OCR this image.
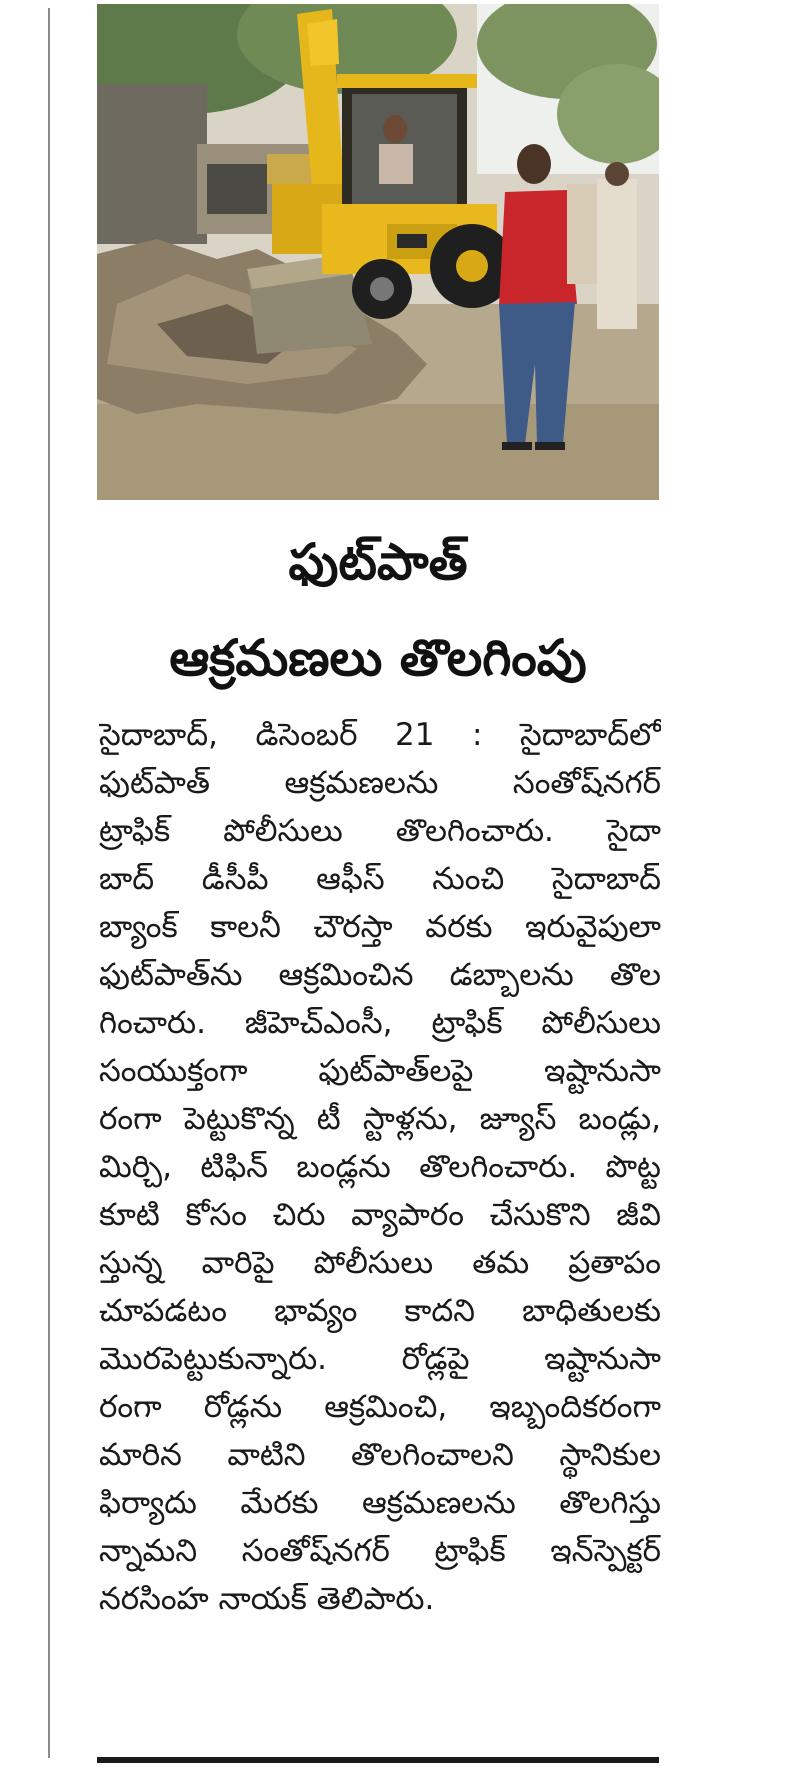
ఫుట్‌పాత్
ఆక్రమణలు తొలగింపు
సైదాబాద్, డిసెంబర్ 21 : సైదాబాద్‌లో
ఫుట్‌పాత్ ఆక్రమణలను సంతోష్‌నగర్
ట్రాఫిక్ పోలీసులు తొలగించారు. సైదా
బాద్ డీసీపీ ఆఫీస్ నుంచి సైదాబాద్
బ్యాంక్ కాలనీ చౌరస్తా వరకు ఇరువైపులా
ఫుట్‌పాత్‌ను ఆక్రమించిన డబ్బాలను తొల
గించారు. జీహెచ్‌ఎంసీ, ట్రాఫిక్ పోలీసులు
సంయుక్తంగా ఫుట్‌పాత్‌లపై ఇష్టానుసా
రంగా పెట్టుకొన్న టీ స్టాళ్లను, జ్యూస్ బండ్లు,
మిర్చి, టిఫిన్ బండ్లను తొలగించారు. పొట్ట
కూటి కోసం చిరు వ్యాపారం చేసుకొని జీవి
స్తున్న వారిపై పోలీసులు తమ ప్రతాపం
చూపడటం భావ్యం కాదని బాధితులకు
మొరపెట్టుకున్నారు. రోడ్లపై ఇష్టానుసా
రంగా రోడ్లను ఆక్రమించి, ఇబ్బందికరంగా
మారిన వాటిని తొలగించాలని స్థానికుల
ఫిర్యాదు మేరకు ఆక్రమణలను తొలగిస్తు
న్నామని సంతోష్‌నగర్ ట్రాఫిక్ ఇన్‌స్పెక్టర్
నరసింహ నాయక్ తెలిపారు.
